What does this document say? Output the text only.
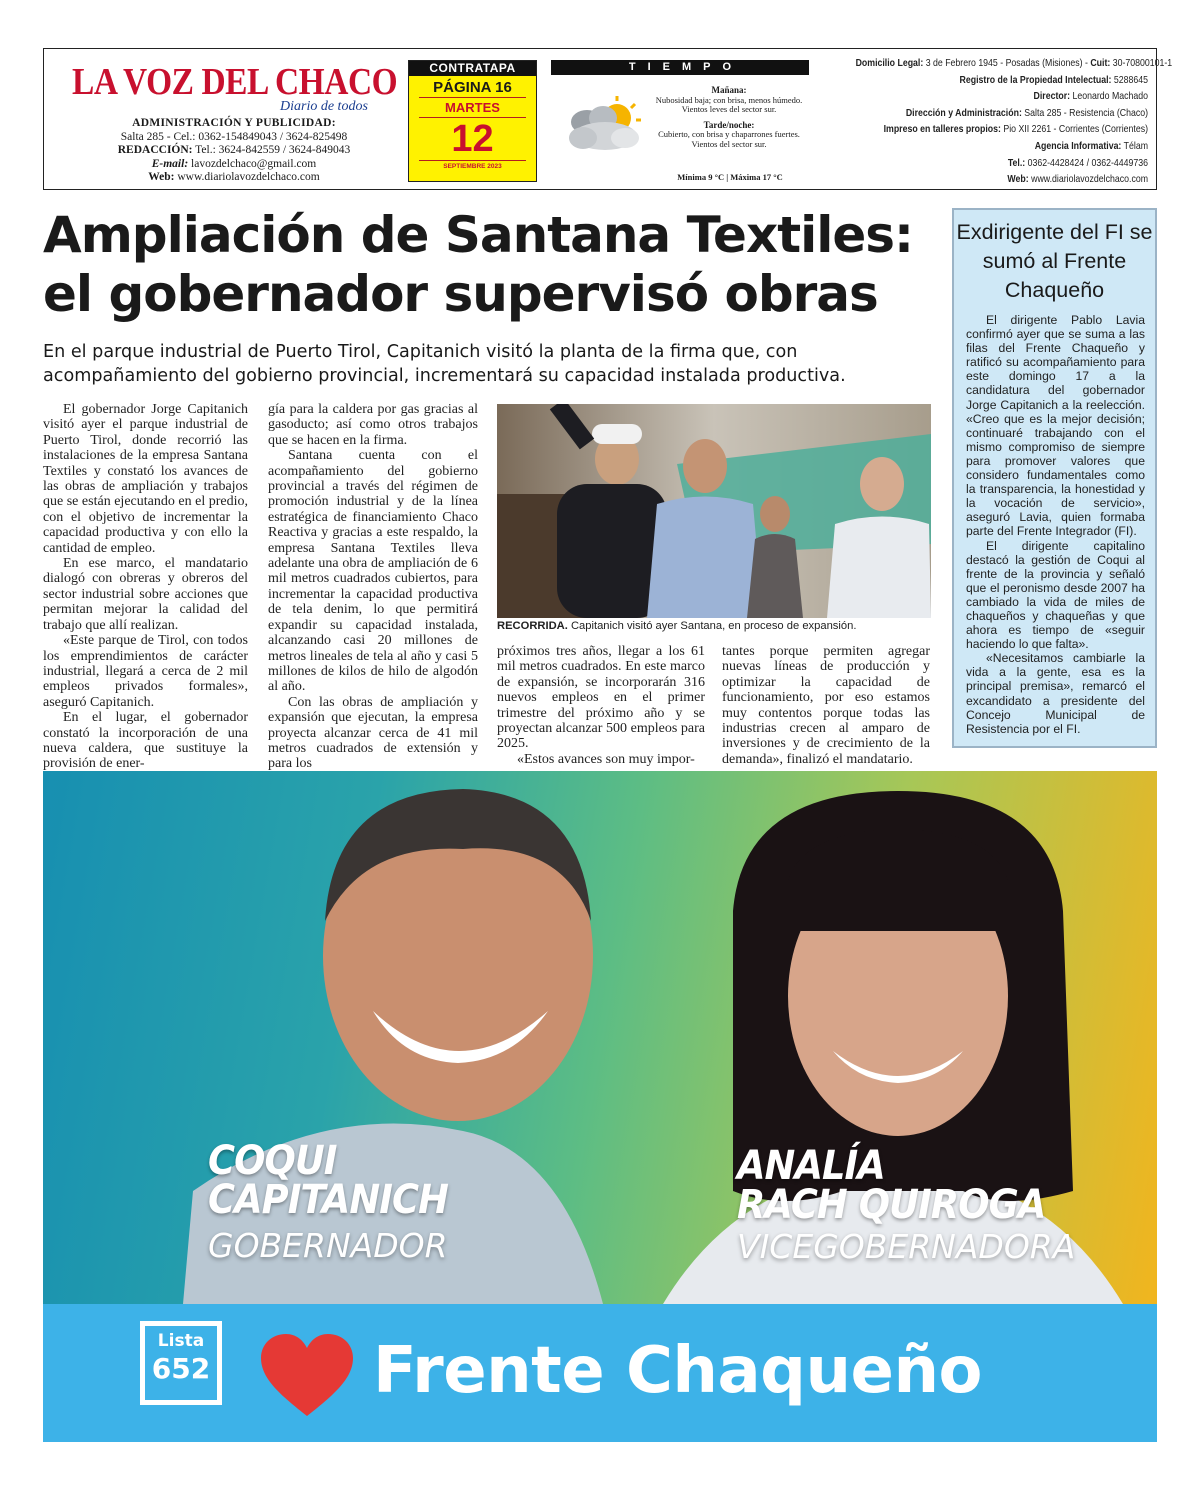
LA VOZ DEL CHACO
Diario de todos
ADMINISTRACIÓN Y PUBLICIDAD:
Salta 285 - Cel.: 0362-154849043 / 3624-825498
REDACCIÓN: Tel.: 3624-842559 / 3624-849043
E-mail: lavozdelchaco@gmail.com
Web: www.diariolavozdelchaco.com
CONTRATAPA
PÁGINA 16
MARTES
12
SEPTIEMBRE 2023
TIEMPO
Mañana:
Nubosidad baja; con brisa, menos húmedo. Vientos leves del sector sur.
Tarde/noche:
Cubierto, con brisa y chaparrones fuertes. Vientos del sector sur.
Mínima 9 °C | Máxima 17 °C
Domicilio Legal: 3 de Febrero 1945 - Posadas (Misiones) - Cuit: 30-70800101-1
Registro de la Propiedad Intelectual: 5288645
Director: Leonardo Machado
Dirección y Administración: Salta 285 - Resistencia (Chaco)
Impreso en talleres propios: Pio XII 2261 - Corrientes (Corrientes)
Agencia Informativa: Télam
Tel.: 0362-4428424 / 0362-4449736
Web: www.diariolavozdelchaco.com
Ampliación de Santana Textiles:
el gobernador supervisó obras
En el parque industrial de Puerto Tirol, Capitanich visitó la planta de la firma que, con acompañamiento del gobierno provincial, incrementará su capacidad instalada productiva.

El gobernador Jorge Capitanich visitó ayer el parque industrial de Puerto Tirol, donde recorrió las instalaciones de la empresa Santana Textiles y constató los avances de las obras de ampliación y trabajos que se están ejecutando en el predio, con el objetivo de incrementar la capacidad productiva y con ello la cantidad de empleo.

En ese marco, el mandatario dialogó con obreras y obreros del sector industrial sobre acciones que permitan mejorar la calidad del trabajo que allí realizan.

«Este parque de Tirol, con todos los emprendimientos de carácter industrial, llegará a cerca de 2 mil empleos privados formales», aseguró Capitanich.

En el lugar, el gobernador constató la incorporación de una nueva caldera, que sustituye la provisión de ener-

gía para la caldera por gas gracias al gasoducto; así como otros trabajos que se hacen en la firma.

Santana cuenta con el acompañamiento del gobierno provincial a través del régimen de promoción industrial y de la línea estratégica de financiamiento Chaco Reactiva y gracias a este respaldo, la empresa Santana Textiles lleva adelante una obra de ampliación de 6 mil metros cuadrados cubiertos, para incrementar la capacidad productiva de tela denim, lo que permitirá expandir su capacidad instalada, alcanzando casi 20 millones de metros lineales de tela al año y casi 5 millones de kilos de hilo de algodón al año.

Con las obras de ampliación y expansión que ejecutan, la empresa proyecta alcanzar cerca de 41 mil metros cuadrados de extensión y para los

RECORRIDA. Capitanich visitó ayer Santana, en proceso de expansión.

próximos tres años, llegar a los 61 mil metros cuadrados. En este marco de expansión, se incorporarán 316 nuevos empleos en el primer trimestre del próximo año y se proyectan alcanzar 500 empleos para 2025.

«Estos avances son muy impor-

tantes porque permiten agregar nuevas líneas de producción y optimizar la capacidad de funcionamiento, por eso estamos muy contentos porque todas las industrias crecen al amparo de inversiones y de crecimiento de la demanda», finalizó el mandatario.

Exdirigente del FI se sumó al Frente Chaqueño

El dirigente Pablo Lavia confirmó ayer que se suma a las filas del Frente Chaqueño y ratificó su acompañamiento para este domingo 17 a la candidatura del gobernador Jorge Capitanich a la reelección. «Creo que es la mejor decisión; continuaré trabajando con el mismo compromiso de siempre para promover valores que considero fundamentales como la transparencia, la honestidad y la vocación de servicio», aseguró Lavia, quien formaba parte del Frente Integrador (FI).

El dirigente capitalino destacó la gestión de Coqui al frente de la provincia y señaló que el peronismo desde 2007 ha cambiado la vida de miles de chaqueños y chaqueñas y que ahora es tiempo de «seguir haciendo lo que falta».

«Necesitamos cambiarle la vida a la gente, esa es la principal premisa», remarcó el excandidato a presidente del Concejo Municipal de Resistencia por el FI.

COQUI
CAPITANICH
GOBERNADOR
ANALÍA
RACH QUIROGA
VICEGOBERNADORA
Lista
652	Frente Chaqueño
